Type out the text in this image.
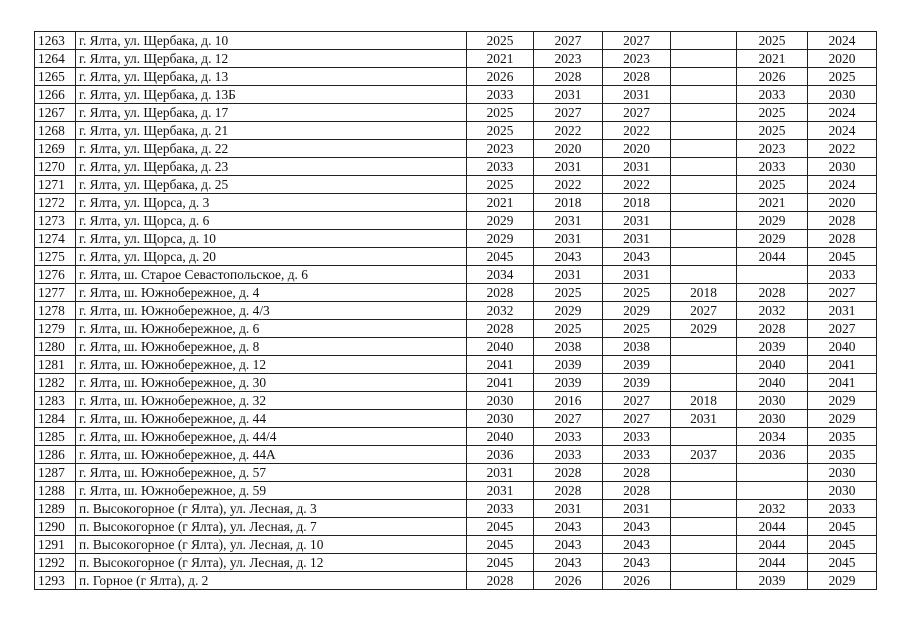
1263	г. Ялта, ул. Щербака, д. 10	2025	2027	2027		2025	2024
1264	г. Ялта, ул. Щербака, д. 12	2021	2023	2023		2021	2020
1265	г. Ялта, ул. Щербака, д. 13	2026	2028	2028		2026	2025
1266	г. Ялта, ул. Щербака, д. 13Б	2033	2031	2031		2033	2030
1267	г. Ялта, ул. Щербака, д. 17	2025	2027	2027		2025	2024
1268	г. Ялта, ул. Щербака, д. 21	2025	2022	2022		2025	2024
1269	г. Ялта, ул. Щербака, д. 22	2023	2020	2020		2023	2022
1270	г. Ялта, ул. Щербака, д. 23	2033	2031	2031		2033	2030
1271	г. Ялта, ул. Щербака, д. 25	2025	2022	2022		2025	2024
1272	г. Ялта, ул. Щорса, д. 3	2021	2018	2018		2021	2020
1273	г. Ялта, ул. Щорса, д. 6	2029	2031	2031		2029	2028
1274	г. Ялта, ул. Щорса, д. 10	2029	2031	2031		2029	2028
1275	г. Ялта, ул. Щорса, д. 20	2045	2043	2043		2044	2045
1276	г. Ялта, ш. Старое Севастопольское, д. 6	2034	2031	2031			2033
1277	г. Ялта, ш. Южнобережное, д. 4	2028	2025	2025	2018	2028	2027
1278	г. Ялта, ш. Южнобережное, д. 4/3	2032	2029	2029	2027	2032	2031
1279	г. Ялта, ш. Южнобережное, д. 6	2028	2025	2025	2029	2028	2027
1280	г. Ялта, ш. Южнобережное, д. 8	2040	2038	2038		2039	2040
1281	г. Ялта, ш. Южнобережное, д. 12	2041	2039	2039		2040	2041
1282	г. Ялта, ш. Южнобережное, д. 30	2041	2039	2039		2040	2041
1283	г. Ялта, ш. Южнобережное, д. 32	2030	2016	2027	2018	2030	2029
1284	г. Ялта, ш. Южнобережное, д. 44	2030	2027	2027	2031	2030	2029
1285	г. Ялта, ш. Южнобережное, д. 44/4	2040	2033	2033		2034	2035
1286	г. Ялта, ш. Южнобережное, д. 44А	2036	2033	2033	2037	2036	2035
1287	г. Ялта, ш. Южнобережное, д. 57	2031	2028	2028			2030
1288	г. Ялта, ш. Южнобережное, д. 59	2031	2028	2028			2030
1289	п. Высокогорное (г Ялта), ул. Лесная, д. 3	2033	2031	2031		2032	2033
1290	п. Высокогорное (г Ялта), ул. Лесная, д. 7	2045	2043	2043		2044	2045
1291	п. Высокогорное (г Ялта), ул. Лесная, д. 10	2045	2043	2043		2044	2045
1292	п. Высокогорное (г Ялта), ул. Лесная, д. 12	2045	2043	2043		2044	2045
1293	п. Горное (г Ялта), д. 2	2028	2026	2026		2039	2029
